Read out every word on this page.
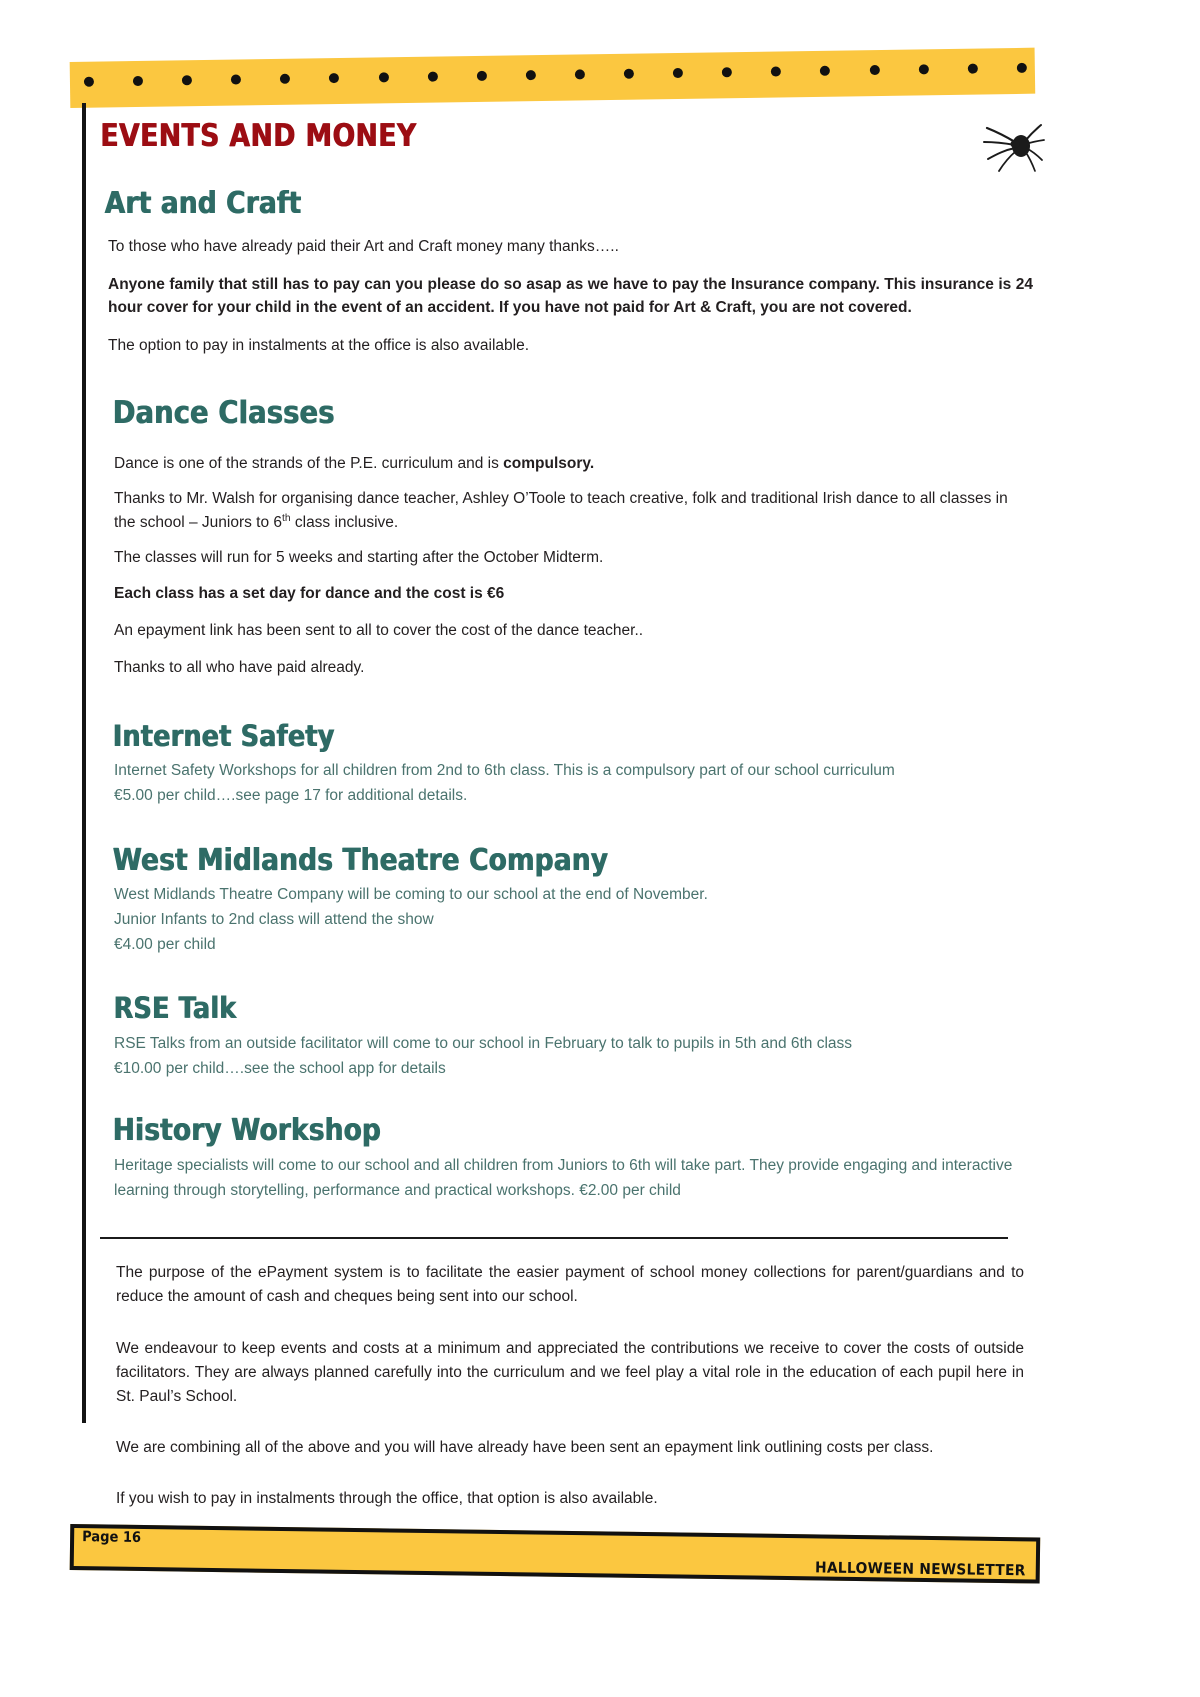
EVENTS AND MONEY
Art and Craft

To those who have already paid their Art and Craft money many thanks…..

Anyone family that still has to pay can you please do so asap as we have to pay the Insurance company. This insurance is 24 hour cover for your child in the event of an accident. If you have not paid for Art & Craft, you are not covered.

The option to pay in instalments at the office is also available.

Dance Classes

Dance is one of the strands of the P.E. curriculum and is compulsory.

Thanks to Mr. Walsh for organising dance teacher, Ashley O’Toole to teach creative, folk and traditional Irish dance to all classes in the school – Juniors to 6th class inclusive.

The classes will run for 5 weeks and starting after the October Midterm.

Each class has a set day for dance and the cost is €6

An epayment link has been sent to all to cover the cost of the dance teacher..

Thanks to all who have paid already.

Internet Safety

Internet Safety Workshops for all children from 2nd to 6th class. This is a compulsory part of our school curriculum
€5.00 per child….see page 17 for additional details.

West Midlands Theatre Company

West Midlands Theatre Company will be coming to our school at the end of November.
Junior Infants to 2nd class will attend the show
€4.00 per child

RSE Talk

RSE Talks from an outside facilitator will come to our school in February to talk to pupils in 5th and 6th class
€10.00 per child….see the school app for details

History Workshop

Heritage specialists will come to our school and all children from Juniors to 6th will take part. They provide engaging and interactive learning through storytelling, performance and practical workshops. €2.00 per child

The purpose of the ePayment system is to facilitate the easier payment of school money collections for parent/guardians and to reduce the amount of cash and cheques being sent into our school.

We endeavour to keep events and costs at a minimum and appreciated the contributions we receive to cover the costs of outside facilitators. They are always planned carefully into the curriculum and we feel play a vital role in the education of each pupil here in St. Paul’s School.

We are combining all of the above and you will have already have been sent an epayment link outlining costs per class.

If you wish to pay in instalments through the office, that option is also available.

Page 16
HALLOWEEN NEWSLETTER
